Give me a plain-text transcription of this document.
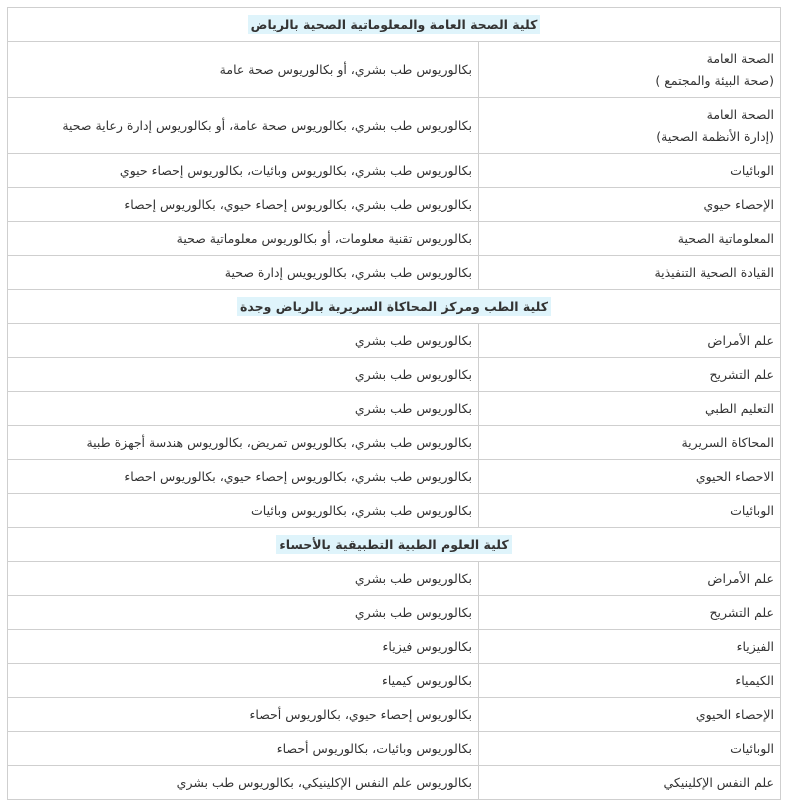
كلية الصحة العامة والمعلوماتية الصحية بالرياض	

الصحة العامة
(صحة البيئة والمجتمع )	بكالوريوس طب بشري، أو بكالوريوس صحة عامة

الصحة العامة
(إدارة الأنظمة الصحية)	بكالوريوس طب بشري، بكالوريوس صحة عامة، أو بكالوريوس إدارة رعاية صحية
الوبائيات	بكالوريوس طب بشري، بكالوريوس وبائيات، بكالوريوس إحصاء حيوي
الإحصاء حيوي	بكالوريوس طب بشري، بكالوريوس إحصاء حيوي، بكالوريوس إحصاء
المعلوماتية الصحية	بكالوريوس تقنية معلومات، أو بكالوريوس معلوماتية صحية
القيادة الصحية التنفيذية	بكالوريوس طب بشري، بكالوريويس إدارة صحية
كلية الطب ومركز المحاكاة السريرية بالرياض وجدة	
علم الأمراض	بكالوريوس طب بشري
علم التشريح	بكالوريوس طب بشري
التعليم الطبي	بكالوريوس طب بشري
المحاكاة السريرية	بكالوريوس طب بشري، بكالوريوس تمريض، بكالوريوس هندسة أجهزة طبية
الاحصاء الحيوي	بكالوريوس طب بشري، بكالوريوس إحصاء حيوي، بكالوريوس احصاء
الوبائيات	بكالوريوس طب بشري، بكالوريوس وبائيات
كلية العلوم الطبية التطبيقية بالأحساء	
علم الأمراض	بكالوريوس طب بشري
علم التشريح	بكالوريوس طب بشري
الفيزياء	بكالوريوس فيزياء
الكيمياء	بكالوريوس كيمياء
الإحصاء الحيوي	بكالوريوس إحصاء حيوي، بكالوريوس أحصاء
الوبائيات	بكالوريوس وبائيات، بكالوريوس أحصاء
علم النفس الإكلينيكي	بكالوريوس علم النفس الإكلينيكي، بكالوريوس طب بشري
